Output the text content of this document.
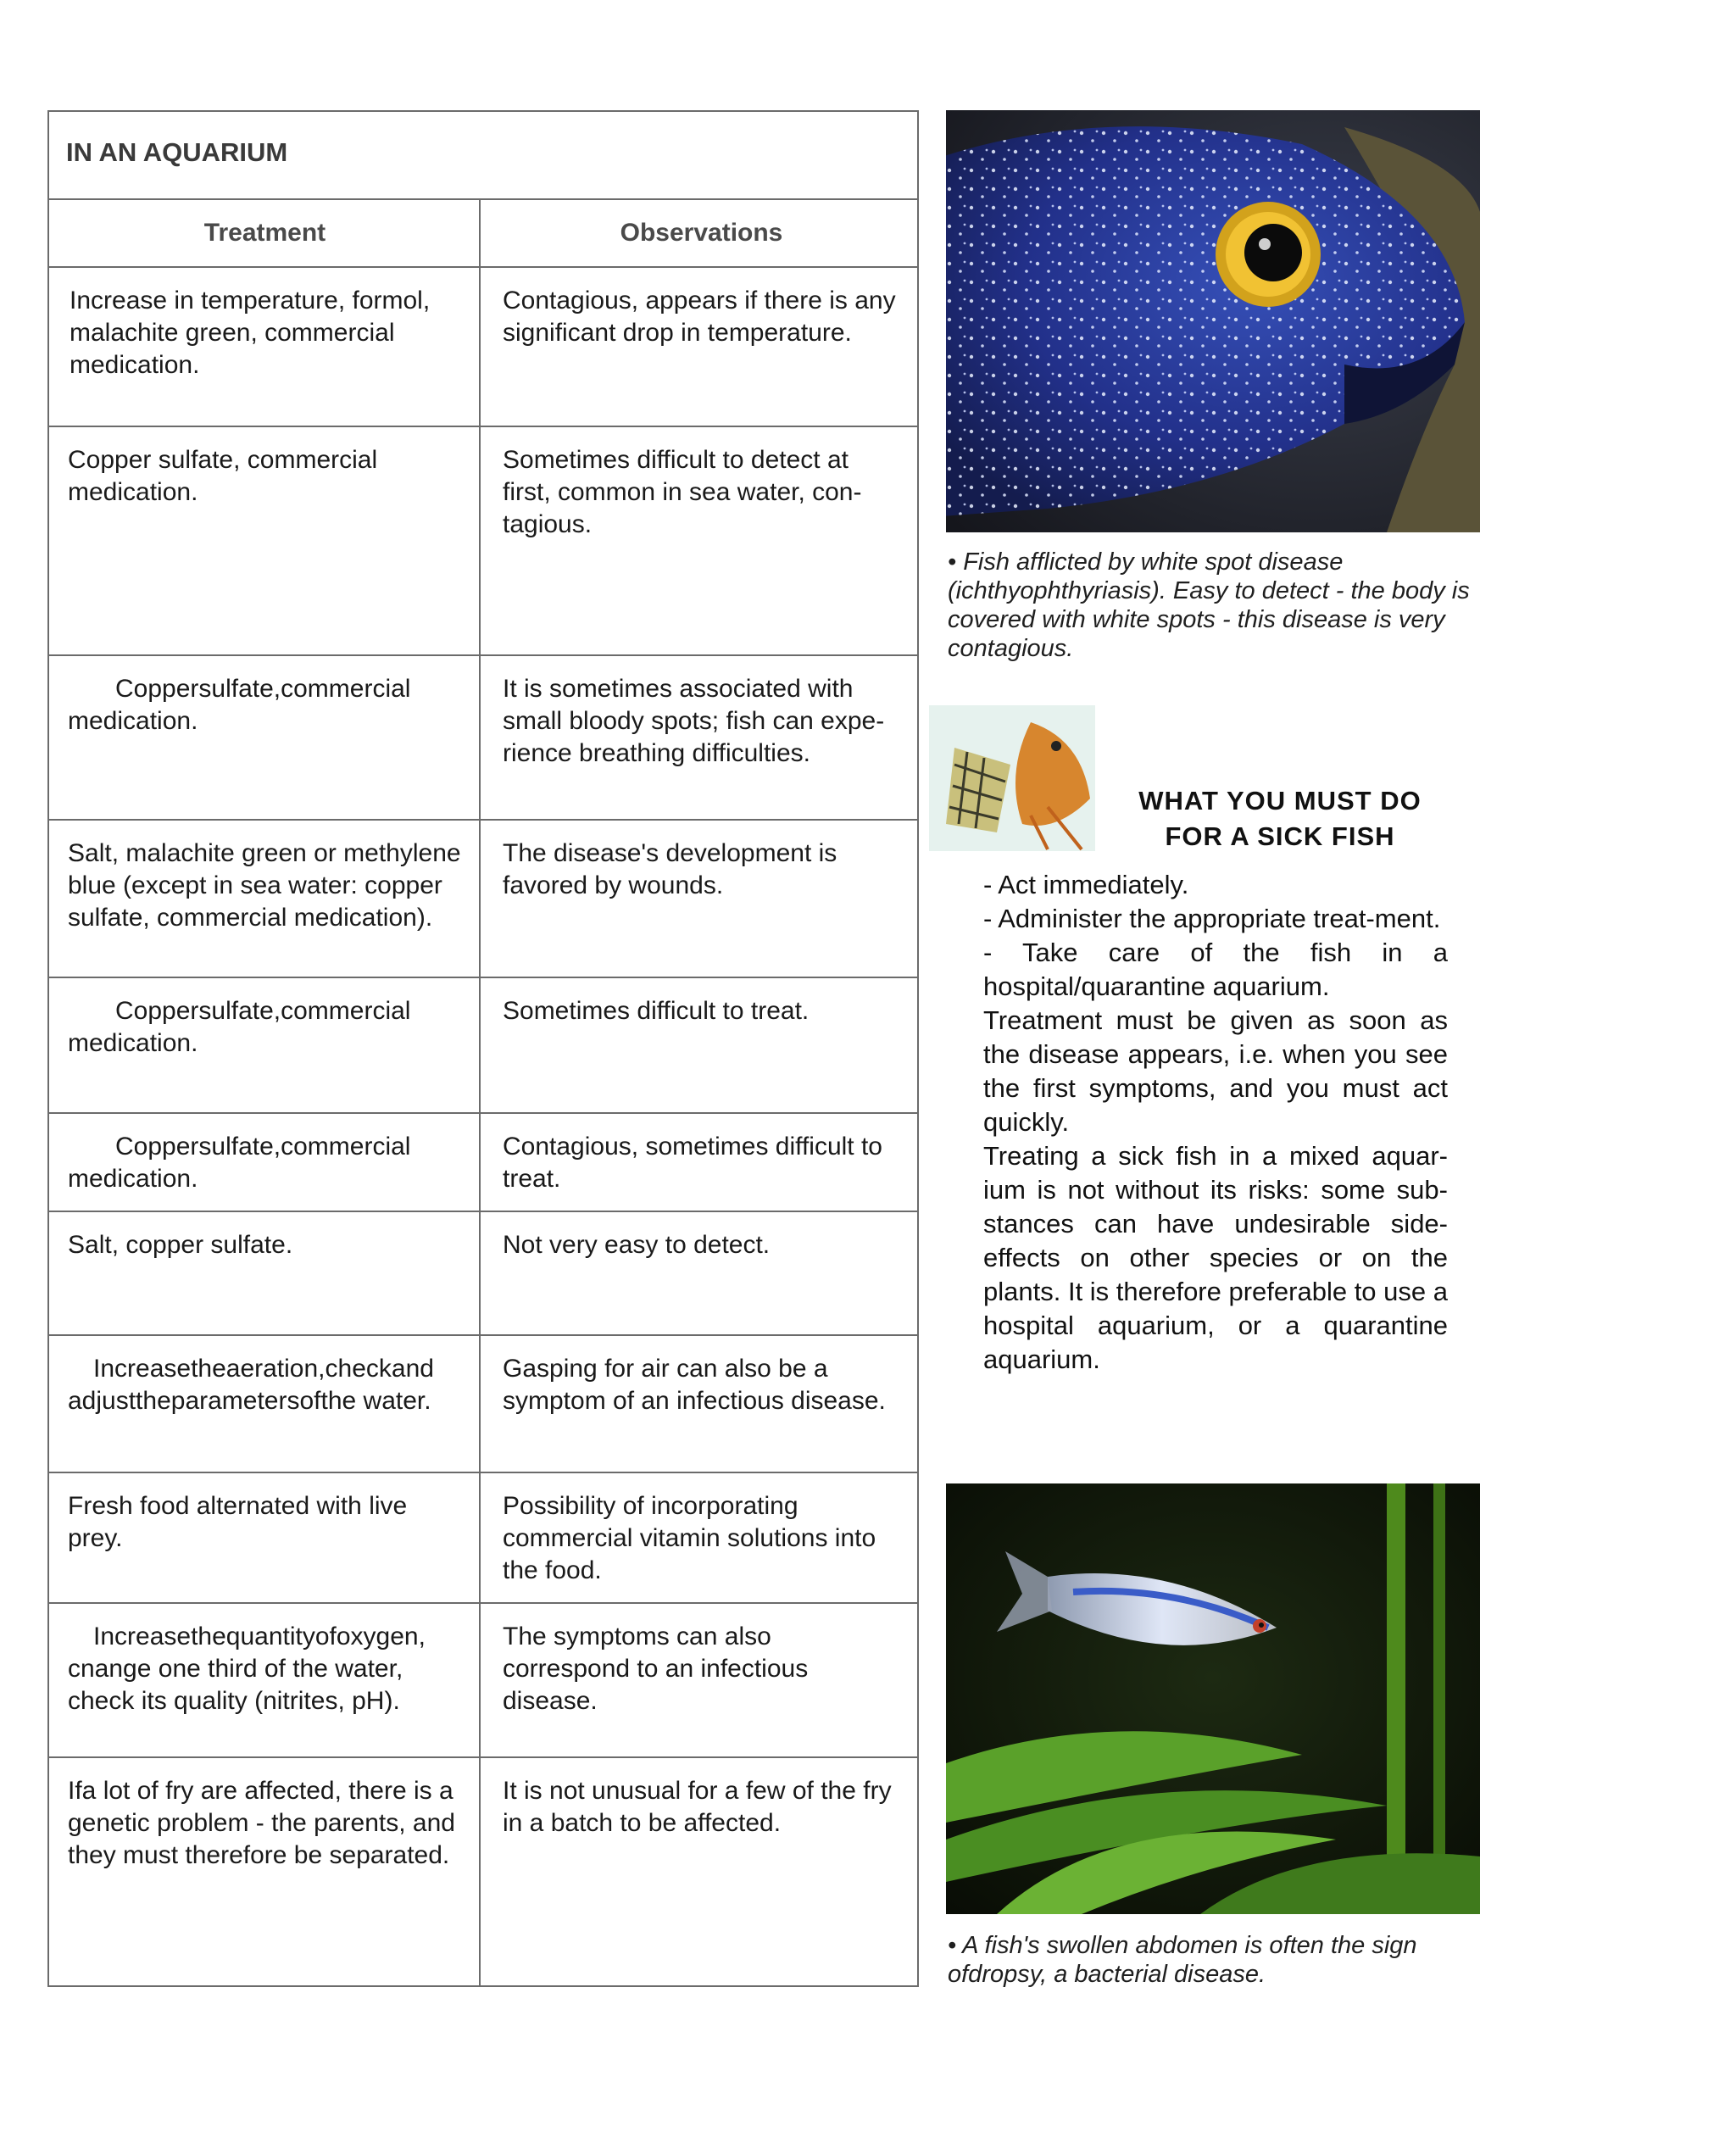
IN AN AQUARIUM
Treatment	Observations
Increase in temperature, formol, malachite green, commercial medication.
Contagious, appears if there is any significant drop in temperature.
Copper sulfate, commercial medication.
Sometimes difficult to detect at first, common in sea water, con-tagious.
Coppersulfate,commercial medication.
It is sometimes associated with small bloody spots; fish can expe-rience breathing difficulties.
Salt, malachite green or methylene blue (except in sea water: copper sulfate, commercial medication).
The disease's development is favored by wounds.
Coppersulfate,commercial medication.
Sometimes difficult to treat.
Coppersulfate,commercial medication.
Contagious, sometimes difficult to treat.
Salt, copper sulfate.	Not very easy to detect.
Increasetheaeration,checkand adjusttheparametersofthe water.
Gasping for air can also be a symptom of an infectious disease.
Fresh food alternated with live prey.
Possibility of incorporating commercial vitamin solutions into the food.
Increasethequantityofoxygen, cnange one third of the water, check its quality (nitrites, pH).
The symptoms can also correspond to an infectious disease.
Ifa lot of fry are affected, there is a genetic problem - the parents, and they must therefore be separated.
It is not unusual for a few of the fry in a batch to be affected.
• Fish afflicted by white spot disease (ichthyophthyriasis). Easy to detect - the body is covered with white spots - this disease is very contagious.
WHAT YOU MUST DO
FOR A SICK FISH

- Act immediately.

- Administer the appropriate treat-ment.

- Take care of the fish in a hospital/quarantine aquarium.

Treatment must be given as soon as the disease appears, i.e. when you see the first symptoms, and you must act quickly.

Treating a sick fish in a mixed aquar-ium is not without its risks: some sub-stances can have undesirable side-effects on other species or on the plants. It is therefore preferable to use a hospital aquarium, or a quarantine aquarium.

• A fish's swollen abdomen is often the sign ofdropsy, a bacterial disease.
